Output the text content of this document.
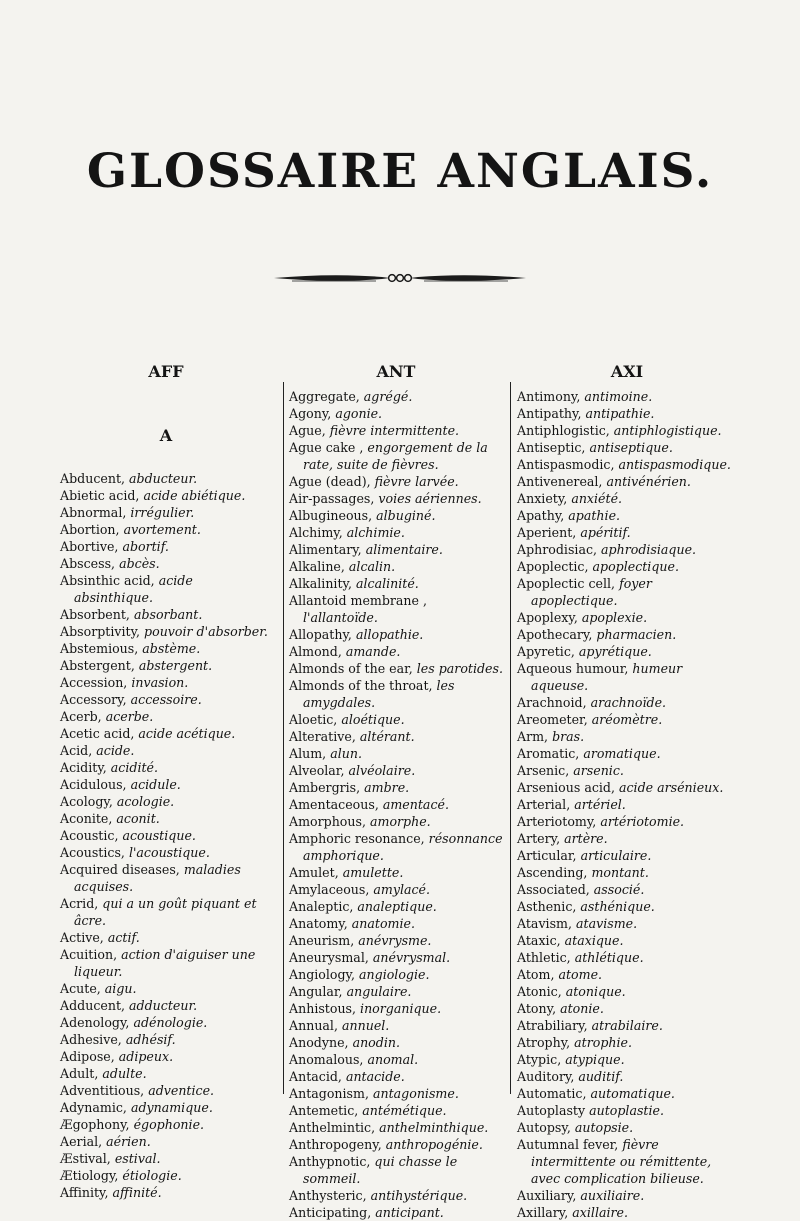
GLOSSAIRE ANGLAIS.
AFF
A
Abducent, abducteur.
Abietic acid, acide abiétique.
Abnormal, irrégulier.
Abortion, avortement.
Abortive, abortif.
Abscess, abcès.
Absinthic acid, acide absinthique.
Absorbent, absorbant.
Absorptivity, pouvoir d'absorber.
Abstemious, abstème.
Abstergent, abstergent.
Accession, invasion.
Accessory, accessoire.
Acerb, acerbe.
Acetic acid, acide acétique.
Acid, acide.
Acidity, acidité.
Acidulous, acidule.
Acology, acologie.
Aconite, aconit.
Acoustic, acoustique.
Acoustics, l'acoustique.
Acquired diseases, maladies acquises.
Acrid, qui a un goût piquant et âcre.
Active, actif.
Acuition, action d'aiguiser une liqueur.
Acute, aigu.
Adducent, adducteur.
Adenology, adénologie.
Adhesive, adhésif.
Adipose, adipeux.
Adult, adulte.
Adventitious, adventice.
Adynamic, adynamique.
Ægophony, égophonie.
Aerial, aérien.
Æstival, estival.
Ætiology, étiologie.
Affinity, affinité.
ANT
Aggregate, agrégé.
Agony, agonie.
Ague, fièvre intermittente.
Ague cake , engorgement de la rate, suite de fièvres.
Ague (dead), fièvre larvée.
Air-passages, voies aériennes.
Albugineous, albuginé.
Alchimy, alchimie.
Alimentary, alimentaire.
Alkaline, alcalin.
Alkalinity, alcalinité.
Allantoid membrane , l'allantoïde.
Allopathy, allopathie.
Almond, amande.
Almonds of the ear, les parotides.
Almonds of the throat, les amygdales.
Aloetic, aloétique.
Alterative, altérant.
Alum, alun.
Alveolar, alvéolaire.
Ambergris, ambre.
Amentaceous, amentacé.
Amorphous, amorphe.
Amphoric resonance, résonnance amphorique.
Amulet, amulette.
Amylaceous, amylacé.
Analeptic, analeptique.
Anatomy, anatomie.
Aneurism, anévrysme.
Aneurysmal, anévrysmal.
Angiology, angiologie.
Angular, angulaire.
Anhistous, inorganique.
Annual, annuel.
Anodyne, anodin.
Anomalous, anomal.
Antacid, antacide.
Antagonism, antagonisme.
Antemetic, antémétique.
Anthelmintic, anthelminthique.
Anthropogeny, anthropogénie.
Anthypnotic, qui chasse le sommeil.
Anthysteric, antihystérique.
Anticipating, anticipant.
AXI
Antimony, antimoine.
Antipathy, antipathie.
Antiphlogistic, antiphlogistique.
Antiseptic, antiseptique.
Antispasmodic, antispasmodique.
Antivenereal, antivénérien.
Anxiety, anxiété.
Apathy, apathie.
Aperient, apéritif.
Aphrodisiac, aphrodisiaque.
Apoplectic, apoplectique.
Apoplectic cell, foyer apoplectique.
Apoplexy, apoplexie.
Apothecary, pharmacien.
Apyretic, apyrétique.
Aqueous humour, humeur aqueuse.
Arachnoid, arachnoïde.
Areometer, aréomètre.
Arm, bras.
Aromatic, aromatique.
Arsenic, arsenic.
Arsenious acid, acide arsénieux.
Arterial, artériel.
Arteriotomy, artériotomie.
Artery, artère.
Articular, articulaire.
Ascending, montant.
Associated, associé.
Asthenic, asthénique.
Atavism, atavisme.
Ataxic, ataxique.
Athletic, athlétique.
Atom, atome.
Atonic, atonique.
Atony, atonie.
Atrabiliary, atrabilaire.
Atrophy, atrophie.
Atypic, atypique.
Auditory, auditif.
Automatic, automatique.
Autoplasty autoplastie.
Autopsy, autopsie.
Autumnal fever, fièvre intermittente ou rémittente, avec complication bilieuse.
Auxiliary, auxiliaire.
Axillary, axillaire.
